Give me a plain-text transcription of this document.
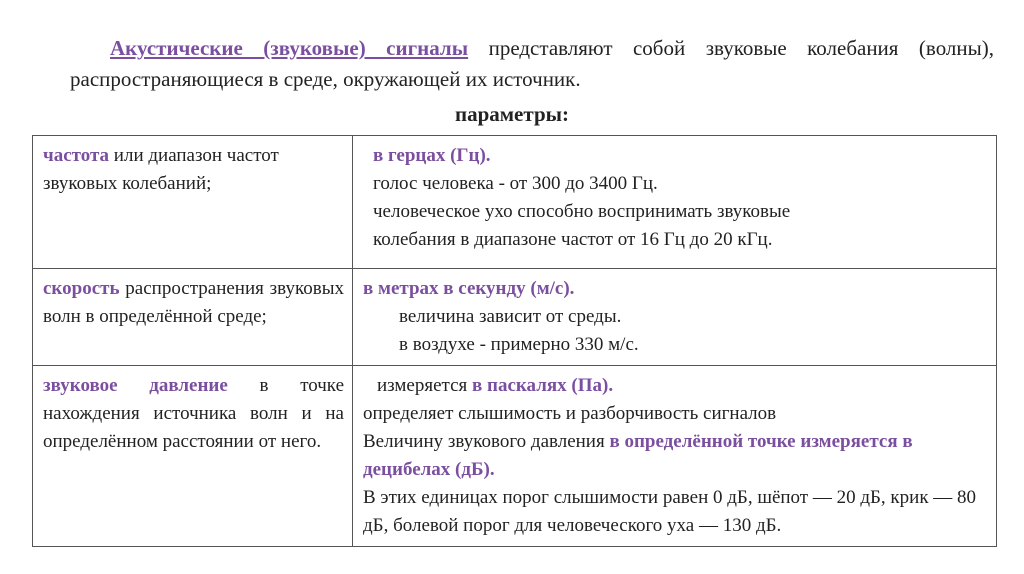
Акустические (звуковые) сигналы представляют собой звуковые колебания (волны), распространяющиеся в среде, окружающей их источник.

параметры:

частота или диапазон частот звуковых колебаний;	в герцах (Гц).
голос человека - от 300 до 3400 Гц.
человеческое ухо способно воспринимать звуковые
колебания в диапазоне частот от 16 Гц до 20 кГц.

скорость распространения звуковых волн в определённой среде;	в метрах в секунду (м/с).
величина зависит от среды.
в воздухе - примерно 330 м/с.

звуковое давление в точке нахождения источника волн и на определённом расстоянии от него.	измеряется в паскалях (Па).
определяет слышимость и разборчивость сигналов
Величину звукового давления в определённой точке измеряется в децибелах (дБ).
В этих единицах порог слышимости равен 0 дБ, шёпот — 20 дБ, крик — 80 дБ, болевой порог для человеческого уха — 130 дБ.
